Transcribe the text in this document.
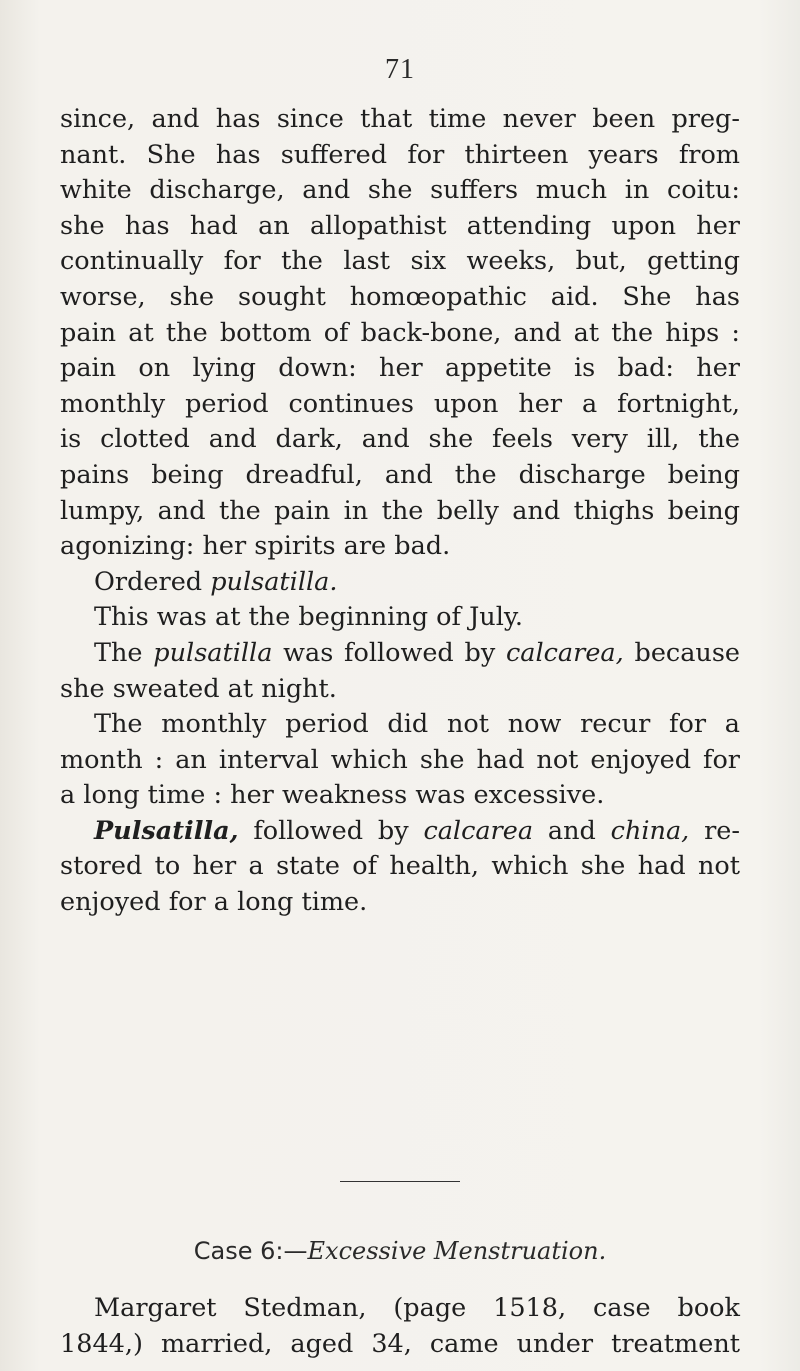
71
since, and has since that time never been preg-
nant. She has suffered for thirteen years from
white discharge, and she suffers much in coitu:
she has had an allopathist attending upon her
continually for the last six weeks, but, getting
worse, she sought homœopathic aid. She has
pain at the bottom of back-bone, and at the hips :
pain on lying down: her appetite is bad: her
monthly period continues upon her a fortnight,
is clotted and dark, and she feels very ill, the
pains being dreadful, and the discharge being
lumpy, and the pain in the belly and thighs being
agonizing: her spirits are bad.
Ordered pulsatilla.
This was at the beginning of July.
The pulsatilla was followed by calcarea, because
she sweated at night.
The monthly period did not now recur for a
month : an interval which she had not enjoyed for
a long time : her weakness was excessive.
Pulsatilla, followed by calcarea and china, re-
stored to her a state of health, which she had not
enjoyed for a long time.
Case 6:—Excessive Menstruation.
Margaret Stedman, (page 1518, case book
1844,) married, aged 34, came under treatment
